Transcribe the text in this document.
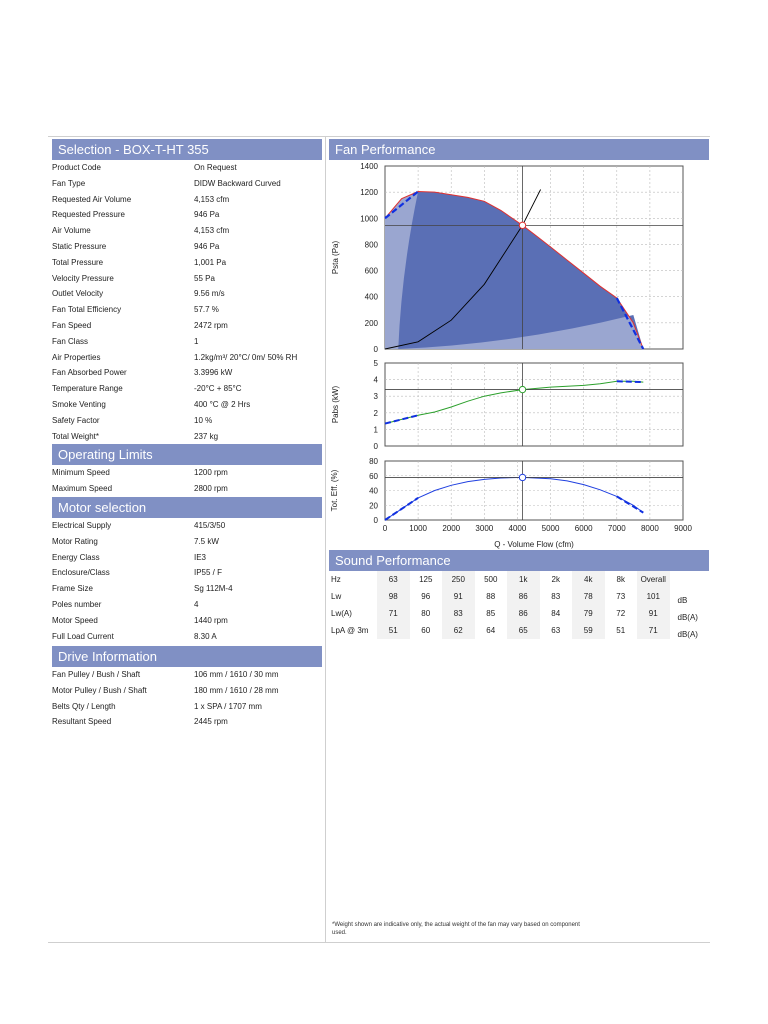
Selection - BOX-T-HT 355
Product Code	On Request
Fan Type	DIDW Backward Curved
Requested Air Volume	4,153 cfm
Requested Pressure	946 Pa
Air Volume	4,153 cfm
Static Pressure	946 Pa
Total Pressure	1,001 Pa
Velocity Pressure	55 Pa
Outlet Velocity	9.56 m/s
Fan Total Efficiency	57.7 %
Fan Speed	2472 rpm
Fan Class	1
Air Properties	1.2kg/m³/ 20°C/ 0m/ 50% RH
Fan Absorbed Power	3.3996 kW
Temperature Range	-20°C + 85°C
Smoke Venting	400 °C @ 2 Hrs
Safety Factor	10 %
Total Weight*	237 kg
Operating Limits
Minimum Speed	1200 rpm
Maximum Speed	2800 rpm
Motor selection
Electrical Supply	415/3/50
Motor Rating	7.5 kW
Energy Class	IE3
Enclosure/Class	IP55 / F
Frame Size	Sg 112M-4
Poles number	4
Motor Speed	1440 rpm
Full Load Current	8.30 A
Drive Information
Fan Pulley / Bush / Shaft	106 mm / 1610 / 30 mm
Motor Pulley / Bush / Shaft	180 mm / 1610 / 28 mm
Belts Qty / Length	1 x SPA / 1707 mm
Resultant Speed	2445 rpm
Fan Performance
0
200
400
600
800
1000
1200
1400
Psta (Pa)
0
1
2
3
4
5
Pabs (kW)
0
20
40
60
80
Tot. Eff. (%)
0	1000 2000 3000 4000 5000 6000 7000 8000 9000
Q - Volume Flow (cfm)
Sound Performance
Hz	63	125	250	500	1k	2k	4k	8k	Overall	
Lw	98	96	91	88	86	83	78	73	101	dB
Lw(A)	71	80	83	85	86	84	79	72	91	dB(A)
LpA @ 3m	51	60	62	64	65	63	59	51	71	dB(A)
*Weight shown are indicative only, the actual weight of the fan may vary based on component used.
